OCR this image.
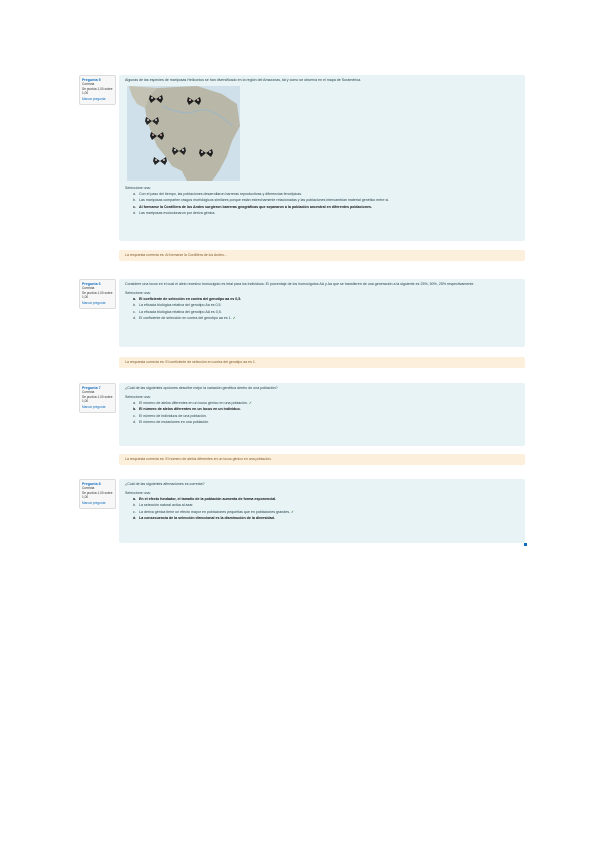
Pregunta 5
Correcta
Se puntúa 1,00 sobre 1,00
Marcar pregunta
Algunas de las especies de mariposas Heliconius se han diversificado en la región del Amazonas, tal y como se observa en el mapa de Suramérica.
Seleccione una:
a. Con el paso del tiempo, las poblaciones desarrollaron barreras reproductivas y diferencias fenotípicas.
b. Las mariposas comparten rasgos morfológicos similares porque están estrechamente relacionadas y las poblaciones intercambian material genético entre sí.
c. Al formarse la Cordillera de los Andes surgieron barreras geográficas que separaron a la población ancestral en diferentes poblaciones.
d. Las mariposas evolucionaron por deriva génica.
La respuesta correcta es: Al formarse la Cordillera de los Andes...
Pregunta 6
Correcta
Se puntúa 1,00 sobre 1,00
Marcar pregunta
Considere una locus en el cual el alelo recesivo homocigoto es letal para los individuos. El porcentaje de los homocigotos AA y Aa que se transfieren de una generación a la siguiente es 25%, 50%, 25% respectivamente.
Seleccione una:
a. El coeficiente de selección en contra del genotipo aa es 0,5.
b. La eficacia biológica relativa del genotipo Aa es 0,5.
c. La eficacia biológica relativa del genotipo AA es 0,5.
d. El coeficiente de selección en contra del genotipo aa es 1. ✓
La respuesta correcta es: El coeficiente de selección en contra del genotipo aa es 1.
Pregunta 7
Correcta
Se puntúa 1,00 sobre 1,00
Marcar pregunta
¿Cuál de las siguientes opciones describe mejor la variación genética dentro de una población?
Seleccione una:
a. El número de alelos diferentes en un locus génico en una población. ✓
b. El número de alelos diferentes en un locus en un individuo.
c. El número de individuos de una población.
d. El número de mutaciones en una población.
La respuesta correcta es: El número de alelos diferentes en un locus génico en una población.
Pregunta 8
Correcta
Se puntúa 1,00 sobre 1,00
Marcar pregunta
¿Cuál de las siguientes afirmaciones es correcta?
Seleccione una:
a. En el efecto fundador, el tamaño de la población aumenta de forma exponencial.
b. La selección natural actúa al azar.
c. La deriva génica tiene un efecto mayor en poblaciones pequeñas que en poblaciones grandes. ✓
d. La consecuencia de la selección direccional es la disminución de la diversidad.
